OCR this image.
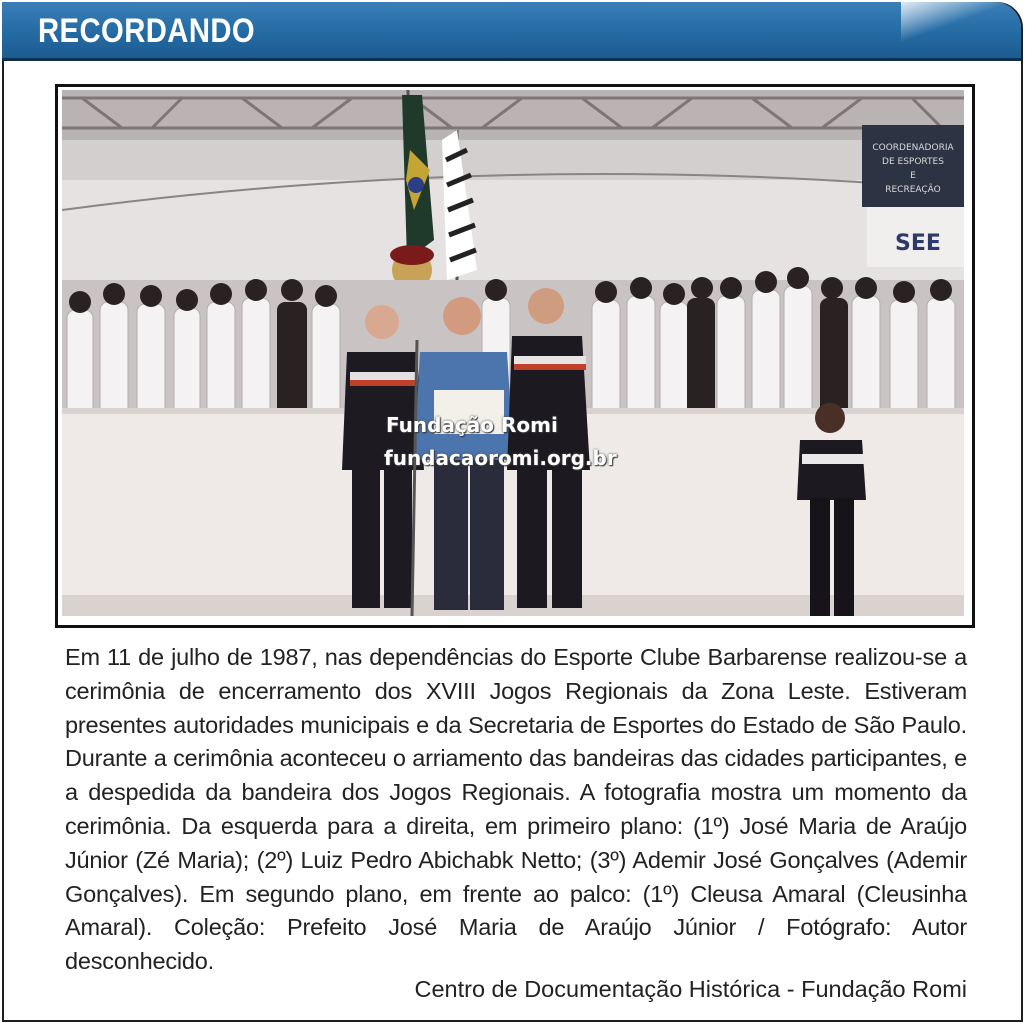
RECORDANDO
COORDENADORIA
DE ESPORTES
E
RECREAÇÃO
SEE
Fundação Romi
fundacaoromi.org.br
Em 11 de julho de 1987, nas dependências do Esporte Clube Barbarense realizou-se a cerimônia de encerramento dos XVIII Jogos Regionais da Zona Leste. Estiveram presentes autoridades municipais e da Secretaria de Esportes do Estado de São Paulo. Durante a cerimônia aconteceu o arriamento das bandeiras das cidades participantes, e a despedida da bandeira dos Jogos Regionais. A fotografia mostra um momento da cerimônia. Da esquerda para a direita, em primeiro plano: (1º) José Maria de Araújo Júnior (Zé Maria); (2º) Luiz Pedro Abichabk Netto; (3º) Ademir José Gonçalves (Ademir Gonçalves). Em segundo plano, em frente ao palco: (1º) Cleusa Amaral (Cleusinha Amaral). Coleção: Prefeito José Maria de Araújo Júnior / Fotógrafo: Autor desconhecido.
Centro de Documentação Histórica - Fundação Romi
